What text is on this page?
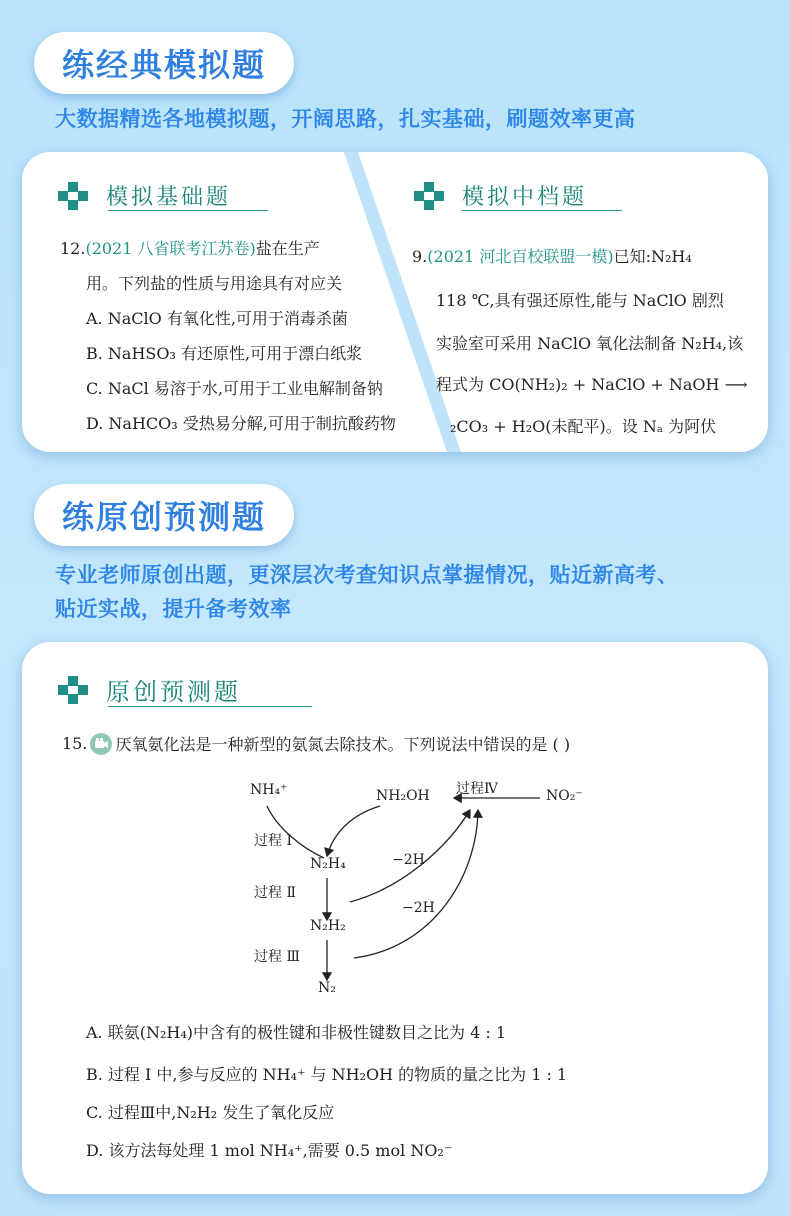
练经典模拟题
大数据精选各地模拟题，开阔思路，扎实基础，刷题效率更高
模拟基础题
12.(2021 八省联考江苏卷)盐在生产
用。下列盐的性质与用途具有对应关
A. NaClO 有氧化性,可用于消毒杀菌
B. NaHSO₃ 有还原性,可用于漂白纸浆
C. NaCl 易溶于水,可用于工业电解制备钠
D. NaHCO₃ 受热易分解,可用于制抗酸药物
模拟中档题
9.(2021 河北百校联盟一模)已知:N₂H₄
118 ℃,具有强还原性,能与 NaClO 剧烈
实验室可采用 NaClO 氧化法制备 N₂H₄,该
程式为 CO(NH₂)₂ + NaClO + NaOH ⟶
₂CO₃ + H₂O(未配平)。设 Nₐ 为阿伏
练原创预测题
专业老师原创出题，更深层次考查知识点掌握情况，贴近新高考、
贴近实战，提升备考效率
原创预测题
15. 厌氧氨化法是一种新型的氨氮去除技术。下列说法中错误的是 ( )
NH₄⁺	NH₂OH 过程Ⅳ	NO₂⁻
过程 Ⅰ
N₂H₄	−2H
过程 Ⅱ
−2H
N₂H₂
过程 Ⅲ
N₂
A. 联氨(N₂H₄)中含有的极性键和非极性键数目之比为 4 : 1
B. 过程 Ⅰ 中,参与反应的 NH₄⁺ 与 NH₂OH 的物质的量之比为 1 : 1
C. 过程Ⅲ中,N₂H₂ 发生了氧化反应
D. 该方法每处理 1 mol NH₄⁺,需要 0.5 mol NO₂⁻
